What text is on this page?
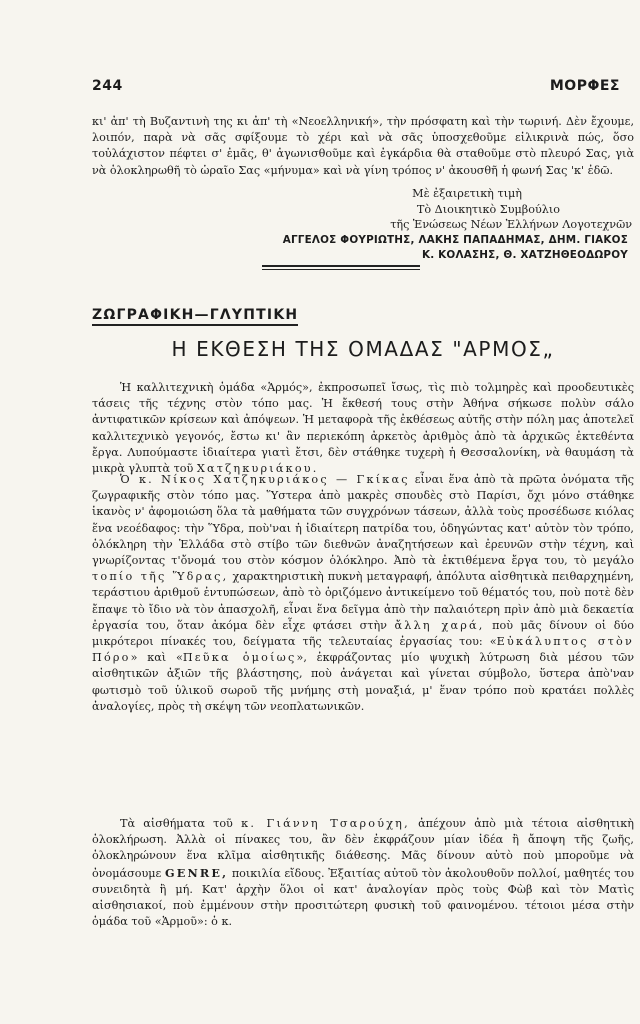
244	ΜΟΡΦΕΣ

κι' ἀπ' τὴ Βυζαντινὴ της κι ἀπ' τὴ «Νεοελληνική», τὴν πρόσφατη καὶ τὴν τωρινή. Δὲν ἔχουμε, λοιπόν, παρὰ νὰ σᾶς σφίξουμε τὸ χέρι καὶ νὰ σᾶς ὑποσχεθοῦμε εἰλικρινὰ πώς, ὅσο τοὐλάχιστον πέφτει σ' ἐμᾶς, θ' ἀγωνισθοῦμε καὶ ἐγκάρδια θὰ σταθοῦμε στὸ πλευρό Σας, γιὰ νὰ ὁλοκληρωθῆ τὸ ὡραῖο Σας «μήνυμα» καὶ νὰ γίνη τρόπος ν' ἀκουσθῆ ἡ φωνή Σας 'κ' ἐδῶ.

Μὲ ἐξαιρετικὴ τιμὴ
Τὸ Διοικητικὸ Συμβούλιο
τῆς Ἑνώσεως Νέων Ἑλλήνων Λογοτεχνῶν
ΑΓΓΕΛΟΣ ΦΟΥΡΙΩΤΗΣ, ΛΑΚΗΣ ΠΑΠΑΔΗΜΑΣ, ΔΗΜ. ΓΙΑΚΟΣ
Κ. ΚΟΛΑΣΗΣ, Θ. ΧΑΤΖΗΘΕΟΔΩΡΟΥ
ΖΩΓΡΑΦΙΚΗ—ΓΛΥΠΤΙΚΗ
Η ΕΚΘΕΣΗ ΤΗΣ ΟΜΑΔΑΣ "ΑΡΜΟΣ„

Ἡ καλλιτεχνικὴ ὁμάδα «Ἁρμός», ἐκπροσωπεῖ ἴσως, τὶς πιὸ τολμηρὲς καὶ προοδευτικὲς τάσεις τῆς τέχνης στὸν τόπο μας. Ἡ ἔκθεσή τους στὴν Ἀθήνα σήκωσε πολὺν σάλο ἀντιφατικῶν κρίσεων καὶ ἀπόψεων. Ἡ μεταφορὰ τῆς ἐκθέσεως αὐτῆς στὴν πόλη μας ἀποτελεῖ καλλιτεχνικὸ γεγονός, ἔστω κι' ἂν περιεκόπη ἀρκετὸς ἀριθμὸς ἀπὸ τὰ ἀρχικῶς ἐκτεθέντα ἔργα. Λυπούμαστε ἰδιαίτερα γιατὶ ἔτσι, δὲν στάθηκε τυχερὴ ἡ Θεσσαλονίκη, νὰ θαυμάση τὰ μικρὰ γλυπτὰ τοῦ Χατζηκυριάκου.

Ὁ κ. Νίκος Χατζηκυριάκος — Γκίκας εἶναι ἕνα ἀπὸ τὰ πρῶτα ὀνόματα τῆς ζωγραφικῆς στὸν τόπο μας. Ὕστερα ἀπὸ μακρὲς σπουδὲς στὸ Παρίσι, ὄχι μόνο στάθηκε ἱκανὸς ν' ἀφομοιώση ὅλα τὰ μαθήματα τῶν συγχρόνων τάσεων, ἀλλὰ τοὺς προσέδωσε κιόλας ἕνα νεοέδαφος: τὴν Ὕδρα, ποὺ'ναι ἡ ἰδιαίτερη πατρίδα του, ὁδηγώντας κατ' αὐτὸν τὸν τρόπο, ὁλόκληρη τὴν Ἑλλάδα στὸ στίβο τῶν διεθνῶν ἀναζητήσεων καὶ ἐρευνῶν στὴν τέχνη, καὶ γνωρίζοντας τ'ὄνομά του στὸν κόσμον ὁλόκληρο. Ἀπὸ τὰ ἐκτιθέμενα ἔργα του, τὸ μεγάλο τοπίο τῆς Ὕδρας, χαρακτηριστικὴ πυκνὴ μεταγραφή, ἀπόλυτα αἰσθητικὰ πειθαρχημένη, τεράστιου ἀριθμοῦ ἐντυπώσεων, ἀπὸ τὸ ὁριζόμενο ἀντικείμενο τοῦ θέματός του, ποὺ ποτὲ δὲν ἔπαψε τὸ ἴδιο νὰ τὸν ἀπασχολῆ, εἶναι ἕνα δεῖγμα ἀπὸ τὴν παλαιότερη πρὶν ἀπὸ μιὰ δεκαετία ἐργασία του, ὅταν ἀκόμα δὲν εἶχε φτάσει στὴν ἄλλη χαρά, ποὺ μᾶς δίνουν οἱ δύο μικρότεροι πίνακές του, δείγματα τῆς τελευταίας ἐργασίας του: «Εὐκάλυπτος στὸν Πόρο» καὶ «Πεῦκα ὁμοίως», ἐκφράζοντας μίο ψυχικὴ λύτρωση διὰ μέσου τῶν αἰσθητικῶν ἀξιῶν τῆς βλάστησης, ποὺ ἀνάγεται καὶ γίνεται σύμβολο, ὕστερα ἀπὸ'ναν φωτισμὸ τοῦ ὑλικοῦ σωροῦ τῆς μνήμης στὴ μοναξιά, μ' ἕναν τρόπο ποὺ κρατάει πολλὲς ἀναλογίες, πρὸς τὴ σκέψη τῶν νεοπλατωνικῶν.

Τὰ αἰσθήματα τοῦ κ. Γιάννη Τσαρούχη, ἀπέχουν ἀπὸ μιὰ τέτοια αἰσθητικὴ ὁλοκλήρωση. Ἀλλὰ οἱ πίνακες του, ἂν δὲν ἐκφράζουν μίαν ἰδέα ἢ ἄποψη τῆς ζωῆς, ὁλοκληρώνουν ἕνα κλῖμα αἰσθητικῆς διάθεσης. Μᾶς δίνουν αὐτὸ ποὺ μποροῦμε νὰ ὀνομάσουμε GENRE, ποικιλία εἴδους. Ἐξαιτίας αὐτοῦ τὸν ἀκολουθοῦν πολλοί, μαθητές του συνειδητὰ ἢ μή. Κατ' ἀρχὴν ὅλοι οἱ κατ' ἀναλογίαν πρὸς τοὺς Φὼβ καὶ τὸν Ματὶς αἰσθησιακοί, ποὺ ἐμμένουν στὴν προσιτώτερη φυσικὴ τοῦ φαινομένου. τέτοιοι μέσα στὴν ὁμάδα τοῦ «Ἁρμοῦ»: ὁ κ.
